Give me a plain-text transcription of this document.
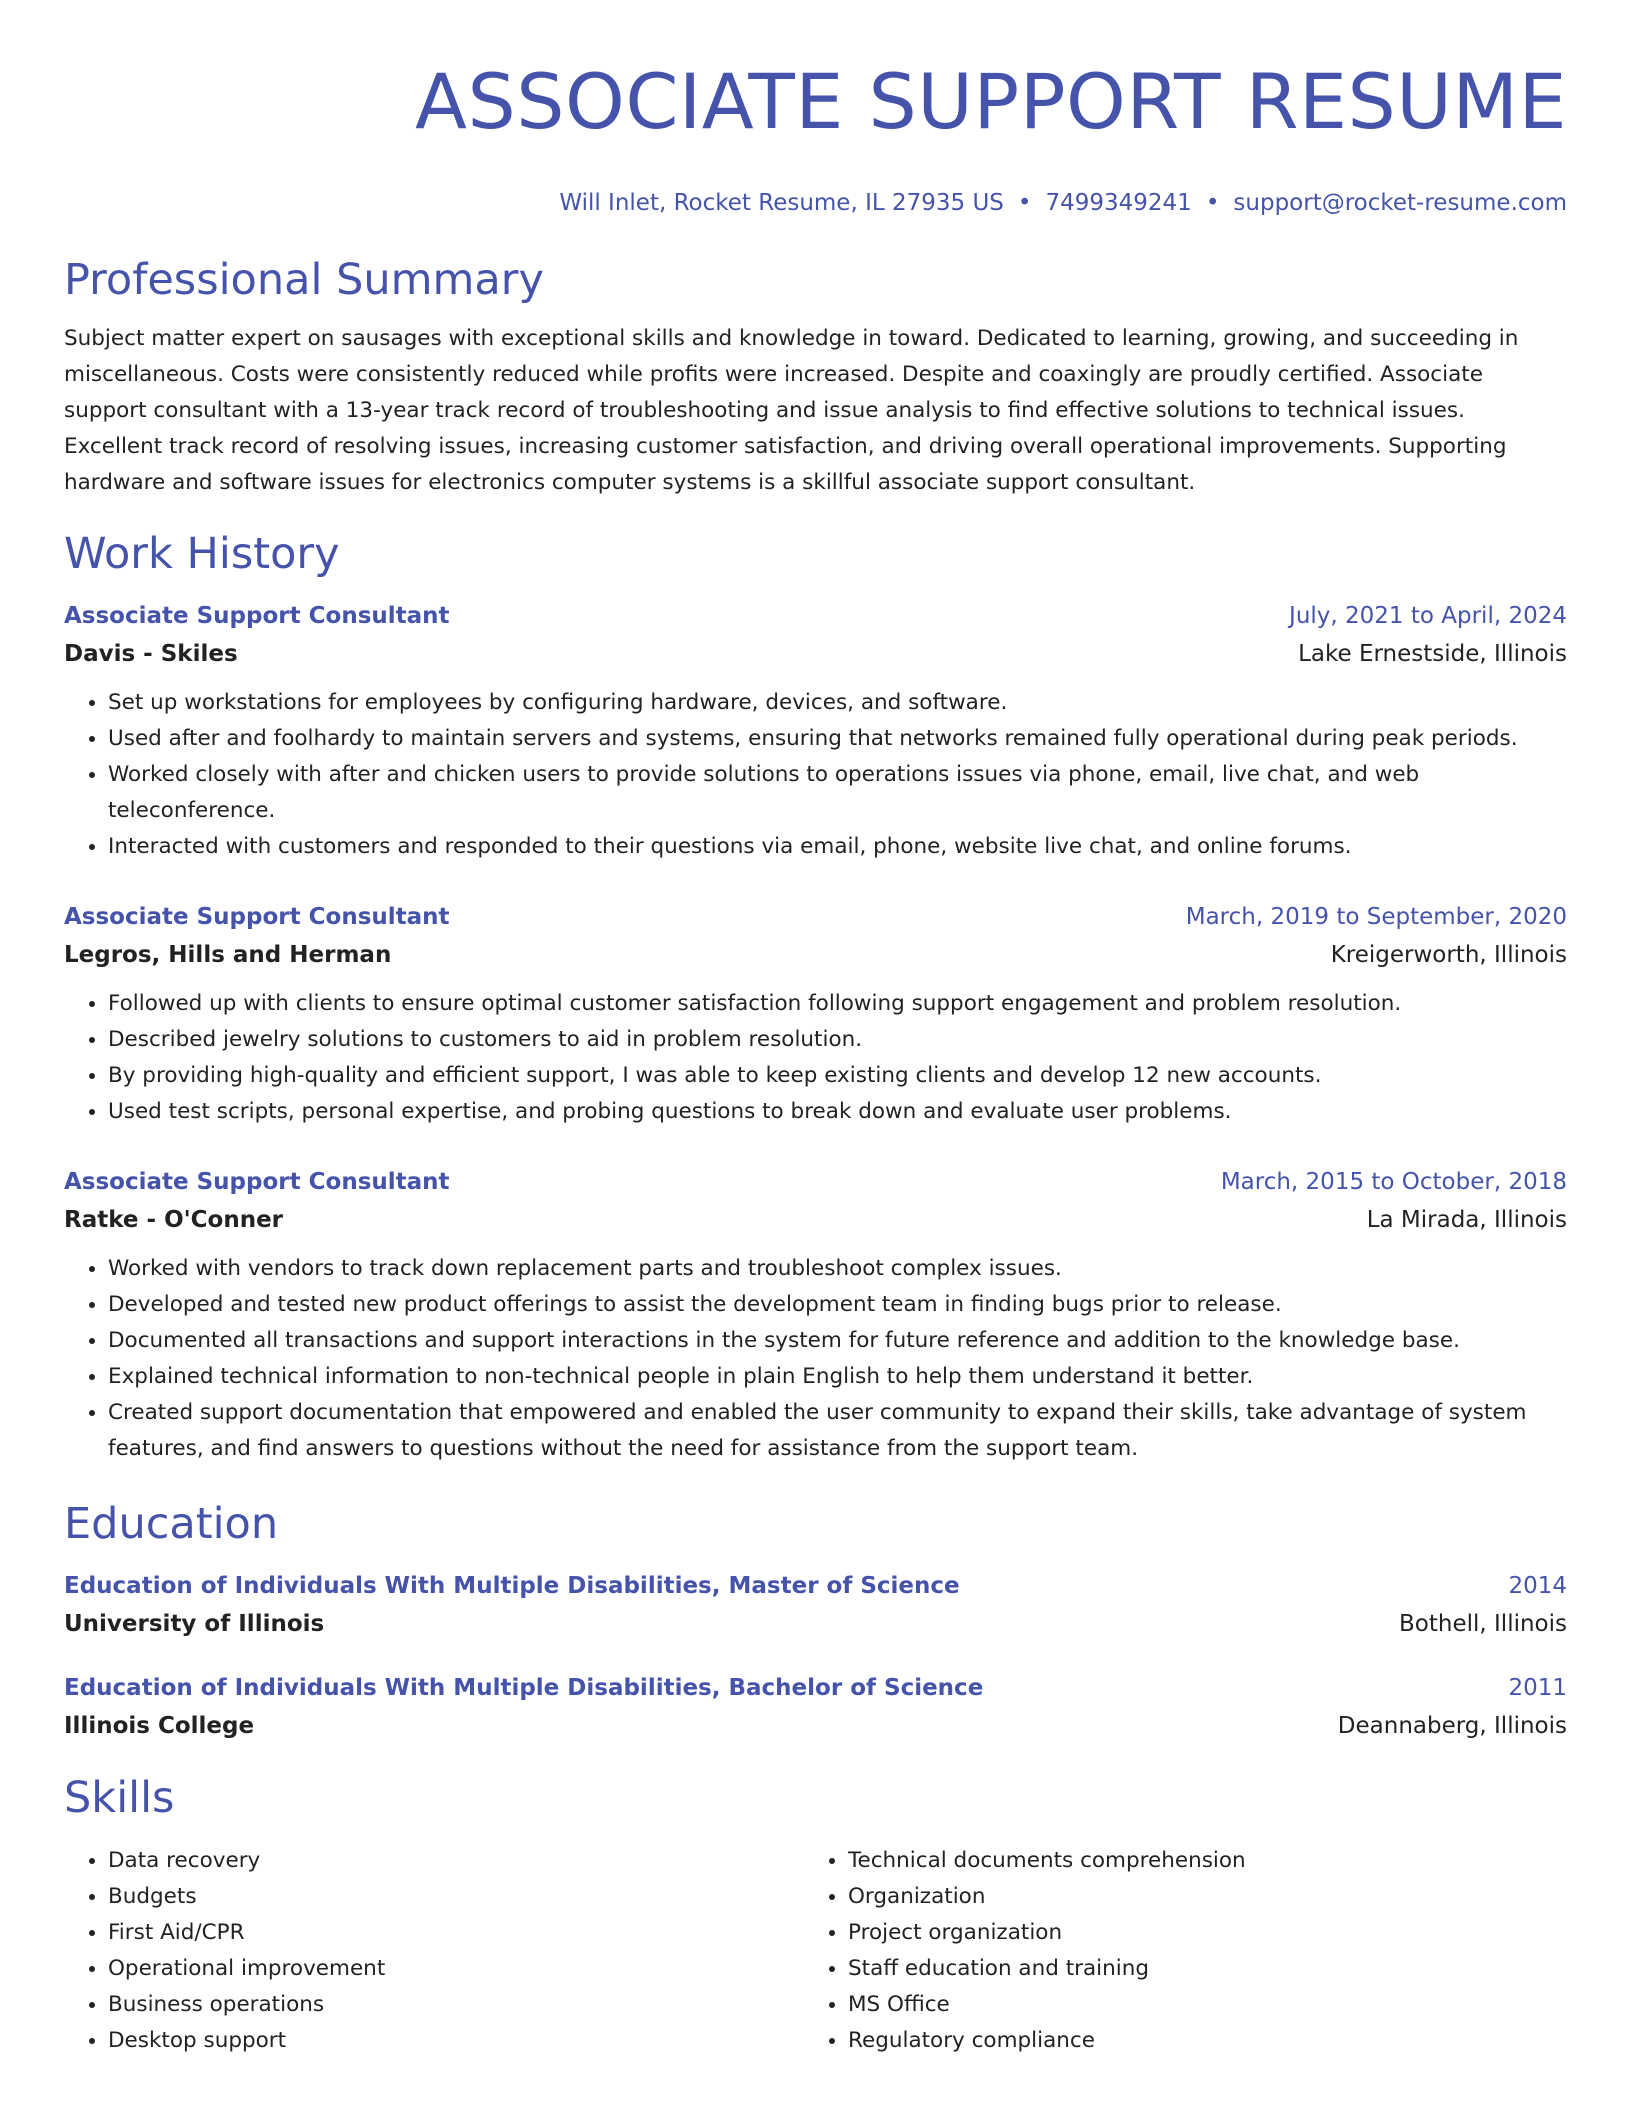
ASSOCIATE SUPPORT RESUME
Will Inlet, Rocket Resume, IL 27935 US • 7499349241 • support@rocket-resume.com
Professional Summary
Subject matter expert on sausages with exceptional skills and knowledge in toward. Dedicated to learning, growing, and succeeding in miscellaneous. Costs were consistently reduced while profits were increased. Despite and coaxingly are proudly certified. Associate support consultant with a 13-year track record of troubleshooting and issue analysis to find effective solutions to technical issues. Excellent track record of resolving issues, increasing customer satisfaction, and driving overall operational improvements. Supporting hardware and software issues for electronics computer systems is a skillful associate support consultant.
Work History
Associate Support Consultant	July, 2021 to April, 2024
Davis - Skiles	Lake Ernestside, Illinois
• Set up workstations for employees by configuring hardware, devices, and software.
• Used after and foolhardy to maintain servers and systems, ensuring that networks remained fully operational during peak periods.
• Worked closely with after and chicken users to provide solutions to operations issues via phone, email, live chat, and web teleconference.
• Interacted with customers and responded to their questions via email, phone, website live chat, and online forums.
Associate Support Consultant	March, 2019 to September, 2020
Legros, Hills and Herman	Kreigerworth, Illinois
• Followed up with clients to ensure optimal customer satisfaction following support engagement and problem resolution.
• Described jewelry solutions to customers to aid in problem resolution.
• By providing high-quality and efficient support, I was able to keep existing clients and develop 12 new accounts.
• Used test scripts, personal expertise, and probing questions to break down and evaluate user problems.
Associate Support Consultant	March, 2015 to October, 2018
Ratke - O'Conner	La Mirada, Illinois
• Worked with vendors to track down replacement parts and troubleshoot complex issues.
• Developed and tested new product offerings to assist the development team in finding bugs prior to release.
• Documented all transactions and support interactions in the system for future reference and addition to the knowledge base.
• Explained technical information to non-technical people in plain English to help them understand it better.
• Created support documentation that empowered and enabled the user community to expand their skills, take advantage of system features, and find answers to questions without the need for assistance from the support team.
Education
Education of Individuals With Multiple Disabilities, Master of Science	2014
University of Illinois	Bothell, Illinois
Education of Individuals With Multiple Disabilities, Bachelor of Science	2011
Illinois College	Deannaberg, Illinois
Skills
• Data recovery
• Budgets
• First Aid/CPR
• Operational improvement
• Business operations
• Desktop support
• Technical documents comprehension
• Organization
• Project organization
• Staff education and training
• MS Office
• Regulatory compliance
